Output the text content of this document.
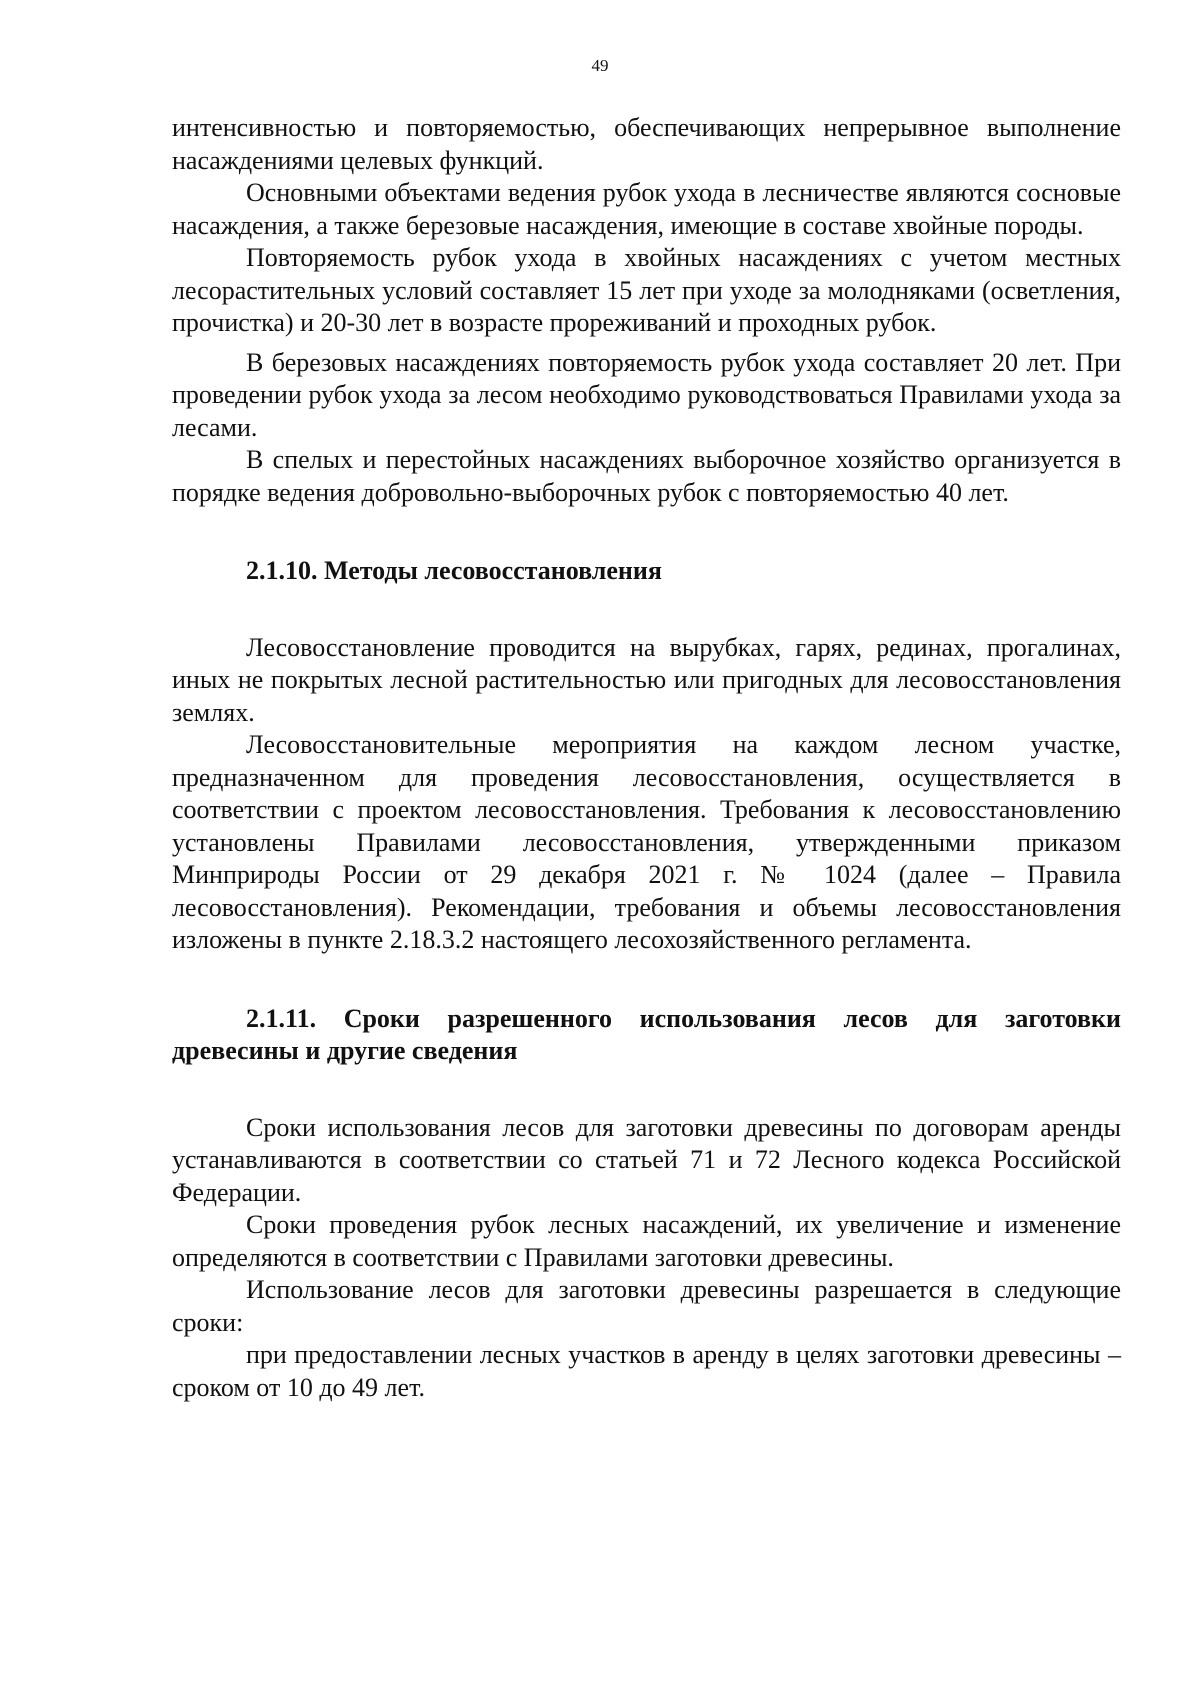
49

интенсивностью и повторяемостью, обеспечивающих непрерывное выполнение насаждениями целевых функций.

Основными объектами ведения рубок ухода в лесничестве являются сосновые насаждения, а также березовые насаждения, имеющие в составе хвойные породы.

Повторяемость рубок ухода в хвойных насаждениях с учетом местных лесорастительных условий составляет 15 лет при уходе за молодняками (осветления, прочистка) и 20-30 лет в возрасте прореживаний и проходных рубок.

В березовых насаждениях повторяемость рубок ухода составляет 20 лет. При проведении рубок ухода за лесом необходимо руководствоваться Правилами ухода за лесами.

В спелых и перестойных насаждениях выборочное хозяйство организуется в порядке ведения добровольно-выборочных рубок с повторяемостью 40 лет.

2.1.10. Методы лесовосстановления

Лесовосстановление проводится на вырубках, гарях, рединах, прогалинах, иных не покрытых лесной растительностью или пригодных для лесовосстановления землях.

Лесовосстановительные мероприятия на каждом лесном участке, предназначенном для проведения лесовосстановления, осуществляется в соответствии с проектом лесовосстановления. Требования к лесовосстановлению установлены Правилами лесовосстановления, утвержденными приказом Минприроды России от 29 декабря 2021 г. № 1024 (далее – Правила лесовосстановления). Рекомендации, требования и объемы лесовосстановления изложены в пункте 2.18.3.2 настоящего лесохозяйственного регламента.

2.1.11. Сроки разрешенного использования лесов для заготовки древесины и другие сведения

Сроки использования лесов для заготовки древесины по договорам аренды устанавливаются в соответствии со статьей 71 и 72 Лесного кодекса Российской Федерации.

Сроки проведения рубок лесных насаждений, их увеличение и изменение определяются в соответствии с Правилами заготовки древесины.

Использование лесов для заготовки древесины разрешается в следующие сроки:

при предоставлении лесных участков в аренду в целях заготовки древесины – сроком от 10 до 49 лет.
